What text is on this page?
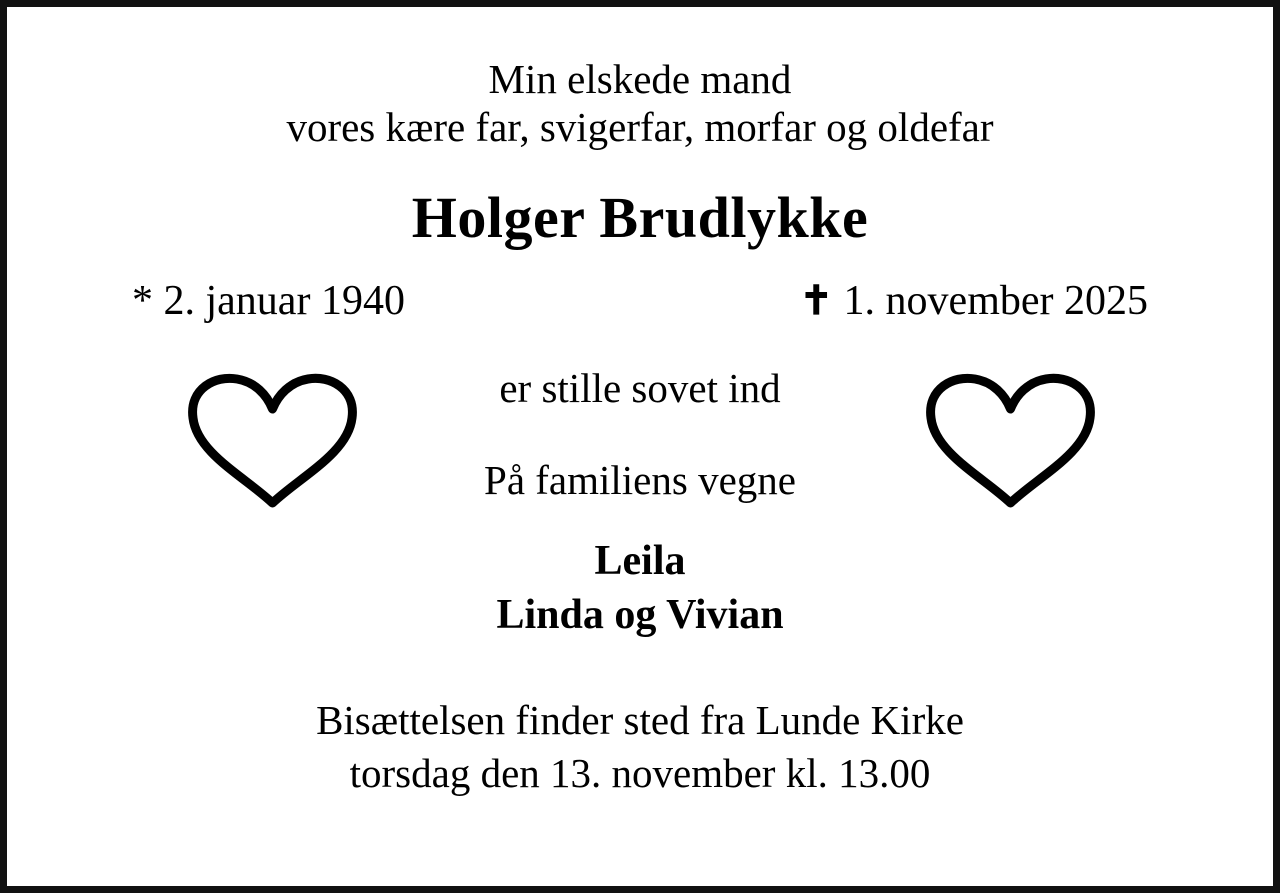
Min elskede mand
vores kære far, svigerfar, morfar og oldefar
Holger Brudlykke
* 2. januar 1940	✝ 1. november 2025
er stille sovet ind
På familiens vegne
Leila
Linda og Vivian
Bisættelsen finder sted fra Lunde Kirke
torsdag den 13. november kl. 13.00
